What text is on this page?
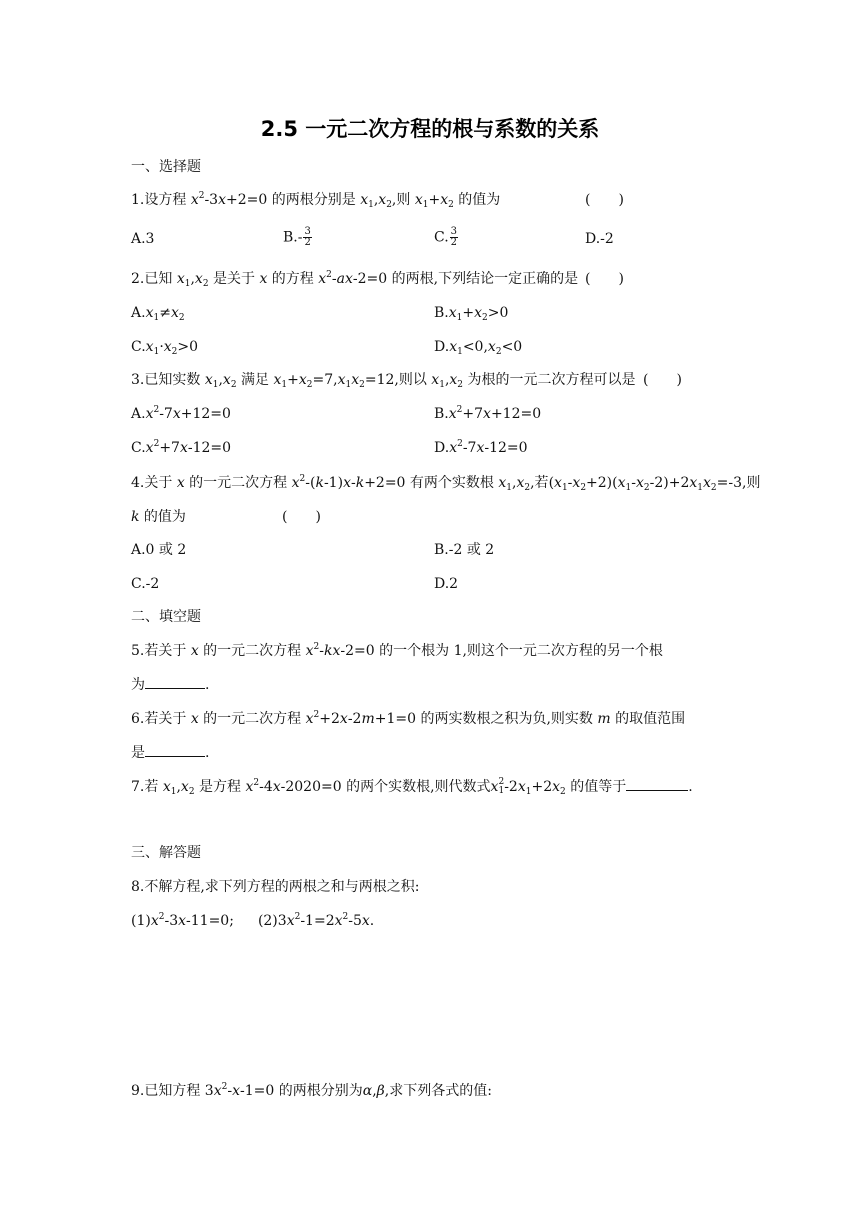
2.5 一元二次方程的根与系数的关系
一、选择题
1.设方程 $x^2-3x+2=0$ 的两根分别是 $x_1,x_2$,则 $x_1+x_2$ 的值为	(　　)
A.3	$B.- \frac{3}{2}$	C. $\frac{3}{2}$	D.-2
2.已知 $x_1,x_2$ 是关于 x 的方程 $x^2-ax-2=0$ 的两根,下列结论一定正确的是 (　　)
$A.x_1\ne x_2$	$B.x_1+x_2>0$
$C.x_1\cdot x_2>0$	$D.x_1<0,x_2<0$
3.已知实数 $x_1,x_2$ 满足 $x_1+x_2=7,x_1x_2=12$,则以 $x_1,x_2$ 为根的一元二次方程可以是 (　　)
$A.x^2-7x+12=0$	$B.x^2+7x+12=0$
$C.x^2+7x-12=0$	$D.x^2-7x-12=0$
4.关于 x 的一元二次方程 $x^2-(k-1)x-k+2=0$ 有两个实数根 $x_1,x_2$,若$(x_1-x_2+2)(x_1-x_2-2)+2x_1x_2=-3$,则
k 的值为	(　　)
A.0 或 2	B.-2 或 2
C.-2	D.2
二、填空题
5.若关于 x 的一元二次方程 $x^2-kx-2=0$ 的一个根为 1,则这个一元二次方程的另一个根
为	.
6.若关于 x 的一元二次方程 $x^2+2x-2m+1=0$ 的两实数根之积为负,则实数 m 的取值范围
是	.
7.若 $x_1,x_2$ 是方程 $x^2-4x-2020=0$ 的两个实数根,则代数式x 2
1 $-2x_1+2x_2$ 的值等于	.
三、解答题
8.不解方程,求下列方程的两根之和与两根之积:
$(1)x^2-3x-11=0$; $(2)3x^2-1=2x^2-5x$.
9.已知方程 $3x^2-x-1=0$ 的两根分别为α,β,求下列各式的值:
